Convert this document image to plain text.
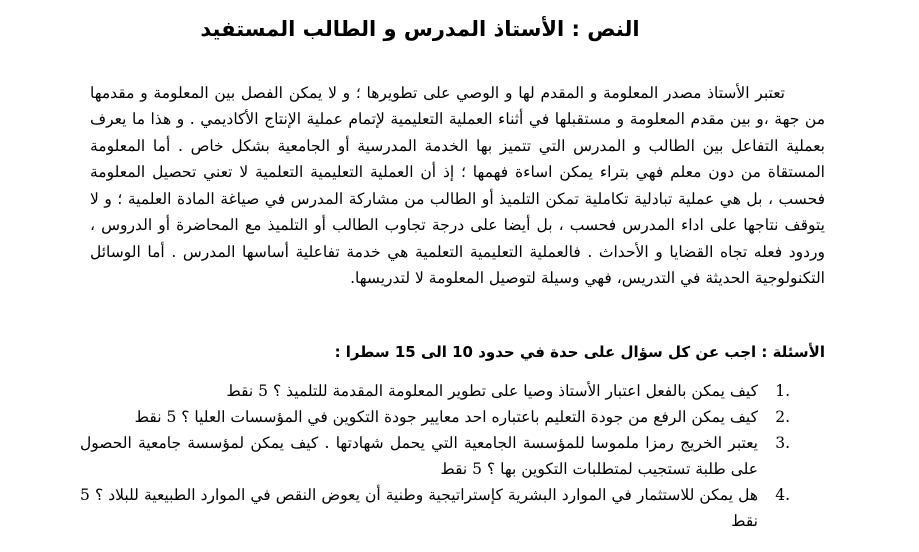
النص : الأستاذ المدرس و الطالب المستفيد

تعتبر الأستاذ مصدر المعلومة و المقدم لها و الوصي على تطويرها ؛ و لا يمكن الفصل بين المعلومة و مقدمها من جهة ،و بين مقدم المعلومة و مستقبلها في أثناء العملية التعليمية لإتمام عملية الإنتاج الأكاديمي . و هذا ما يعرف بعملية التفاعل بين الطالب و المدرس التي تتميز بها الخدمة المدرسية أو الجامعية بشكل خاص . أما المعلومة المستقاة من دون معلم فهي بتراء يمكن اساءة فهمها ؛ إذ أن العملية التعليمية التعلمية لا تعني تحصيل المعلومة فحسب ، بل هي عملية تبادلية تكاملية تمكن التلميذ أو الطالب من مشاركة المدرس في صياغة المادة العلمية ؛ و لا يتوقف نتاجها على اداء المدرس فحسب ، بل أيضا على درجة تجاوب الطالب أو التلميذ مع المحاضرة أو الدروس ، وردود فعله تجاه القضايا و الأحداث . فالعملية التعليمية التعلمية هي خدمة تفاعلية أساسها المدرس . أما الوسائل التكنولوجية الحديثة في التدريس، فهي وسيلة لتوصيل المعلومة لا لتدريسها.

الأسئلة : اجب عن كل سؤال على حدة في حدود 10 الى 15 سطرا :
1.
كيف يمكن بالفعل اعتبار الأستاذ وصيا على تطوير المعلومة المقدمة للتلميذ ؟ 5 نقط
2.
كيف يمكن الرفع من جودة التعليم باعتباره احد معايير جودة التكوين في المؤسسات العليا ؟ 5 نقط
3.
يعتبر الخريج رمزا ملموسا للمؤسسة الجامعية التي يحمل شهادتها . كيف يمكن لمؤسسة جامعية الحصول على طلبة تستجيب لمتطلبات التكوين بها ؟ 5 نقط
4.
هل يمكن للاستثمار في الموارد البشرية كإستراتيجية وطنية أن يعوض النقص في الموارد الطبيعية للبلاد ؟ 5 نقط
